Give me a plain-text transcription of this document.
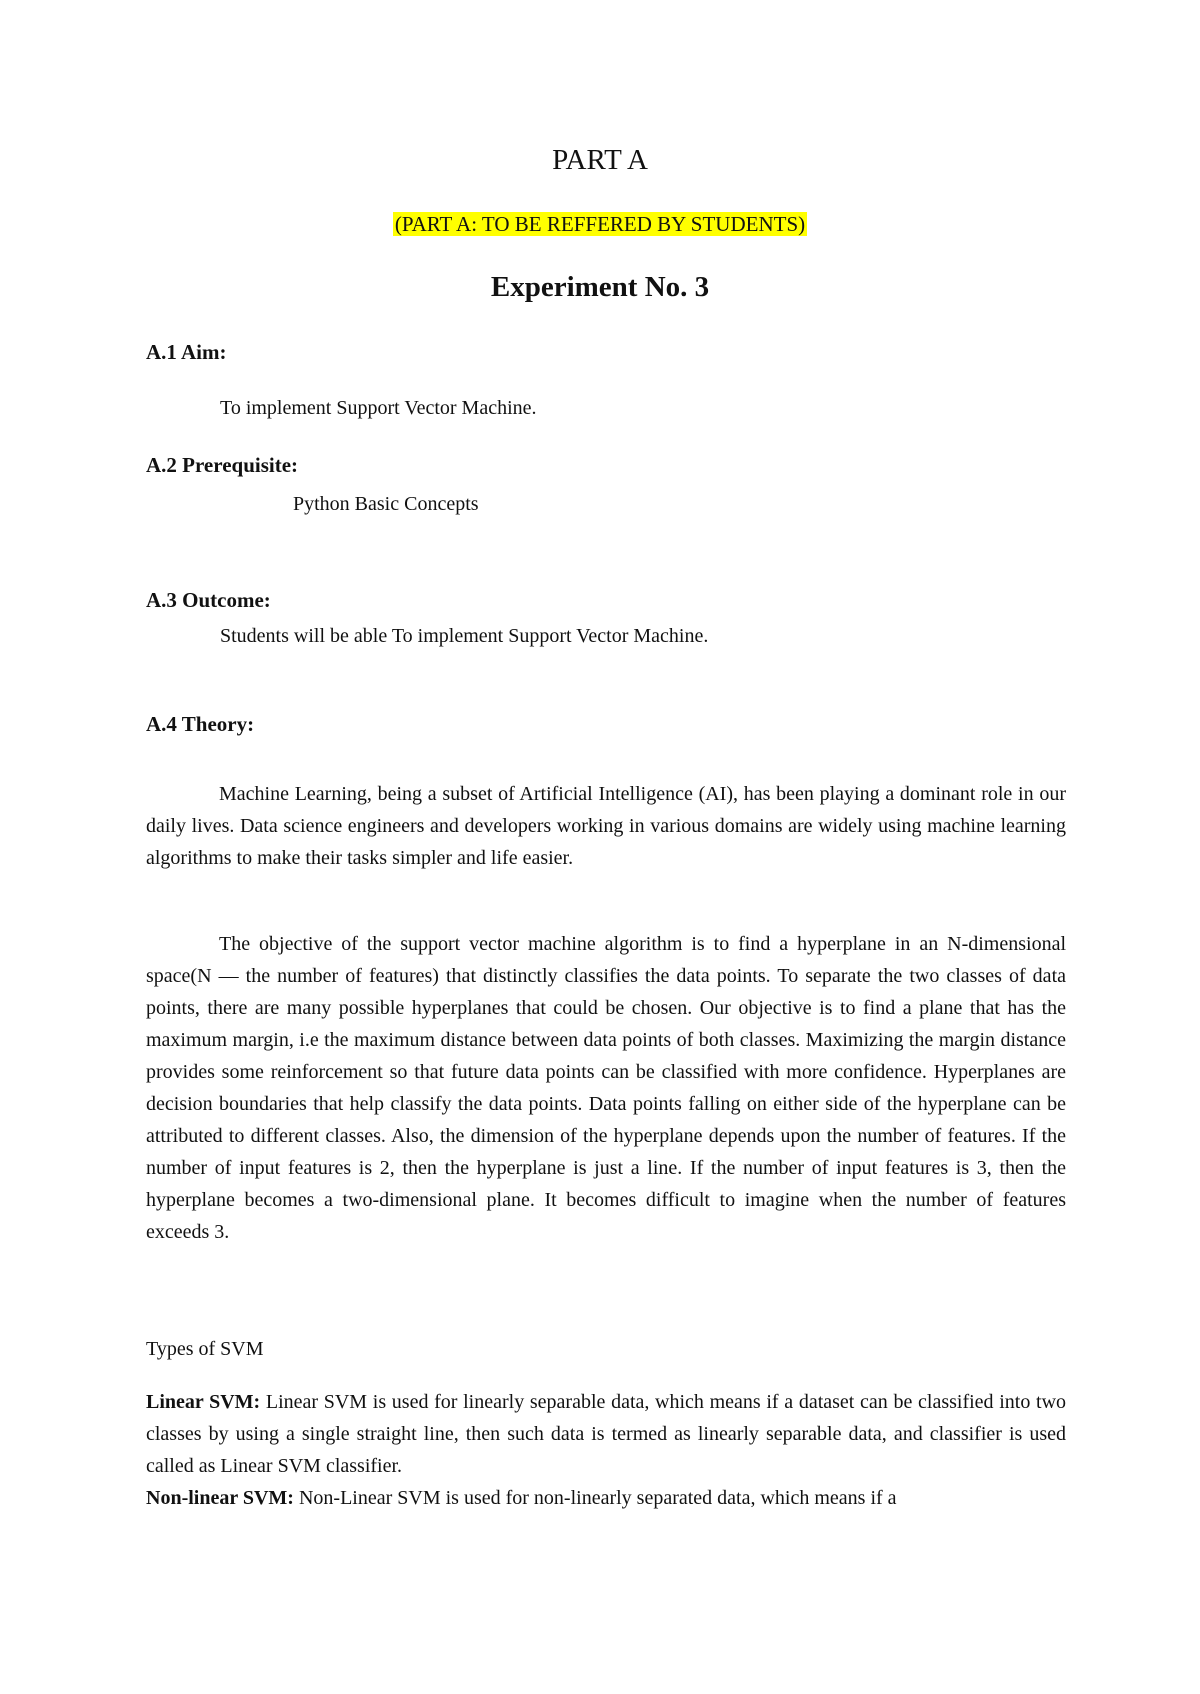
PART A
(PART A: TO BE REFFERED BY STUDENTS)
Experiment No. 3
A.1 Aim:
To implement Support Vector Machine.
A.2 Prerequisite:
Python Basic Concepts
A.3 Outcome:
Students will be able To implement Support Vector Machine.
A.4 Theory:

Machine Learning, being a subset of Artificial Intelligence (AI), has been playing a dominant role in our daily lives. Data science engineers and developers working in various domains are widely using machine learning algorithms to make their tasks simpler and life easier.

The objective of the support vector machine algorithm is to find a hyperplane in an N-dimensional space(N — the number of features) that distinctly classifies the data points. To separate the two classes of data points, there are many possible hyperplanes that could be chosen. Our objective is to find a plane that has the maximum margin, i.e the maximum distance between data points of both classes. Maximizing the margin distance provides some reinforcement so that future data points can be classified with more confidence. Hyperplanes are decision boundaries that help classify the data points. Data points falling on either side of the hyperplane can be attributed to different classes. Also, the dimension of the hyperplane depends upon the number of features. If the number of input features is 2, then the hyperplane is just a line. If the number of input features is 3, then the hyperplane becomes a two-dimensional plane. It becomes difficult to imagine when the number of features exceeds 3.

Types of SVM

Linear SVM: Linear SVM is used for linearly separable data, which means if a dataset can be classified into two classes by using a single straight line, then such data is termed as linearly separable data, and classifier is used called as Linear SVM classifier.

Non-linear SVM: Non-Linear SVM is used for non-linearly separated data, which means if a
